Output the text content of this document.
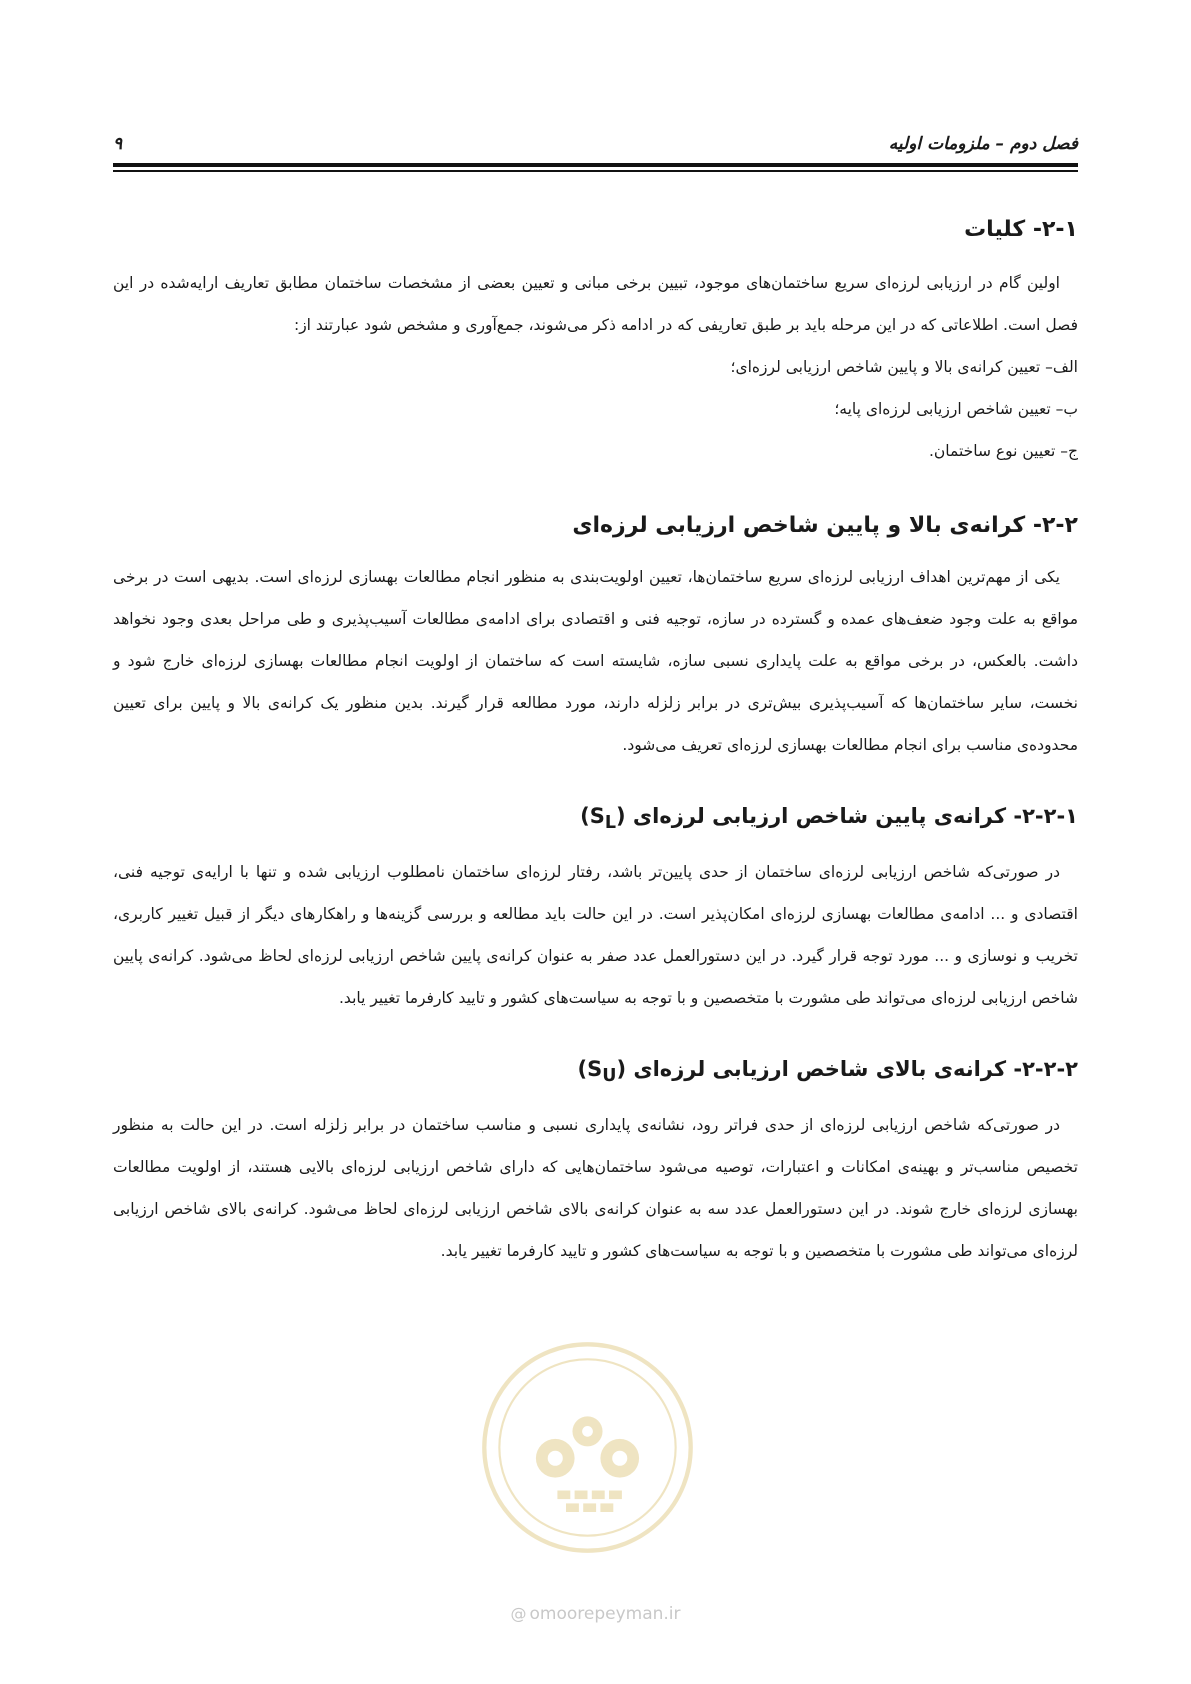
فصل دوم – ملزومات اولیه
۹
۲-۱- کلیات

اولین گام در ارزیابی لرزه‌ای سریع ساختمان‌های موجود، تبیین برخی مبانی و تعیین بعضی از مشخصات ساختمان مطابق تعاریف ارایه‌شده در این فصل است. اطلاعاتی که در این مرحله باید بر طبق تعاریفی که در ادامه ذکر می‌شوند، جمع‌آوری و مشخص شود عبارتند از:

الف– تعیین کرانه‌ی بالا و پایین شاخص ارزیابی لرزه‌ای؛
ب– تعیین شاخص ارزیابی لرزه‌ای پایه؛
ج– تعیین نوع ساختمان.
۲-۲- کرانه‌ی بالا و پایین شاخص ارزیابی لرزه‌ای

یکی از مهم‌ترین اهداف ارزیابی لرزه‌ای سریع ساختمان‌ها، تعیین اولویت‌بندی به منظور انجام مطالعات بهسازی لرزه‌ای است. بدیهی است در برخی مواقع به علت وجود ضعف‌های عمده و گسترده در سازه، توجیه فنی و اقتصادی برای ادامه‌ی مطالعات آسیب‌پذیری و طی مراحل بعدی وجود نخواهد داشت. بالعکس، در برخی مواقع به علت پایداری نسبی سازه، شایسته است که ساختمان از اولویت انجام مطالعات بهسازی لرزه‌ای خارج شود و نخست، سایر ساختمان‌ها که آسیب‌پذیری بیش‌تری در برابر زلزله دارند، مورد مطالعه قرار گیرند. بدین منظور یک کرانه‌ی بالا و پایین برای تعیین محدوده‌ی مناسب برای انجام مطالعات بهسازی لرزه‌ای تعریف می‌شود.

۲-۲-۱- کرانه‌ی پایین شاخص ارزیابی لرزه‌ای $(S_L)$

در صورتی‌که شاخص ارزیابی لرزه‌ای ساختمان از حدی پایین‌تر باشد، رفتار لرزه‌ای ساختمان نامطلوب ارزیابی شده و تنها با ارایه‌ی توجیه فنی، اقتصادی و ... ادامه‌ی مطالعات بهسازی لرزه‌ای امکان‌پذیر است. در این حالت باید مطالعه و بررسی گزینه‌ها و راهکارهای دیگر از قبیل تغییر کاربری، تخریب و نوسازی و ... مورد توجه قرار گیرد. در این دستورالعمل عدد صفر به عنوان کرانه‌ی پایین شاخص ارزیابی لرزه‌ای لحاظ می‌شود. کرانه‌ی پایین شاخص ارزیابی لرزه‌ای می‌تواند طی مشورت با متخصصین و با توجه به سیاست‌های کشور و تایید کارفرما تغییر یابد.

۲-۲-۲- کرانه‌ی بالای شاخص ارزیابی لرزه‌ای $(S_U)$

در صورتی‌که شاخص ارزیابی لرزه‌ای از حدی فراتر رود، نشانه‌ی پایداری نسبی و مناسب ساختمان در برابر زلزله است. در این حالت به منظور تخصیص مناسب‌تر و بهینه‌ی امکانات و اعتبارات، توصیه می‌شود ساختمان‌هایی که دارای شاخص ارزیابی لرزه‌ای بالایی هستند، از اولویت مطالعات بهسازی لرزه‌ای خارج شوند. در این دستورالعمل عدد سه به عنوان کرانه‌ی بالای شاخص ارزیابی لرزه‌ای لحاظ می‌شود. کرانه‌ی بالای شاخص ارزیابی لرزه‌ای می‌تواند طی مشورت با متخصصین و با توجه به سیاست‌های کشور و تایید کارفرما تغییر یابد.

@ omoorepeyman.ir
